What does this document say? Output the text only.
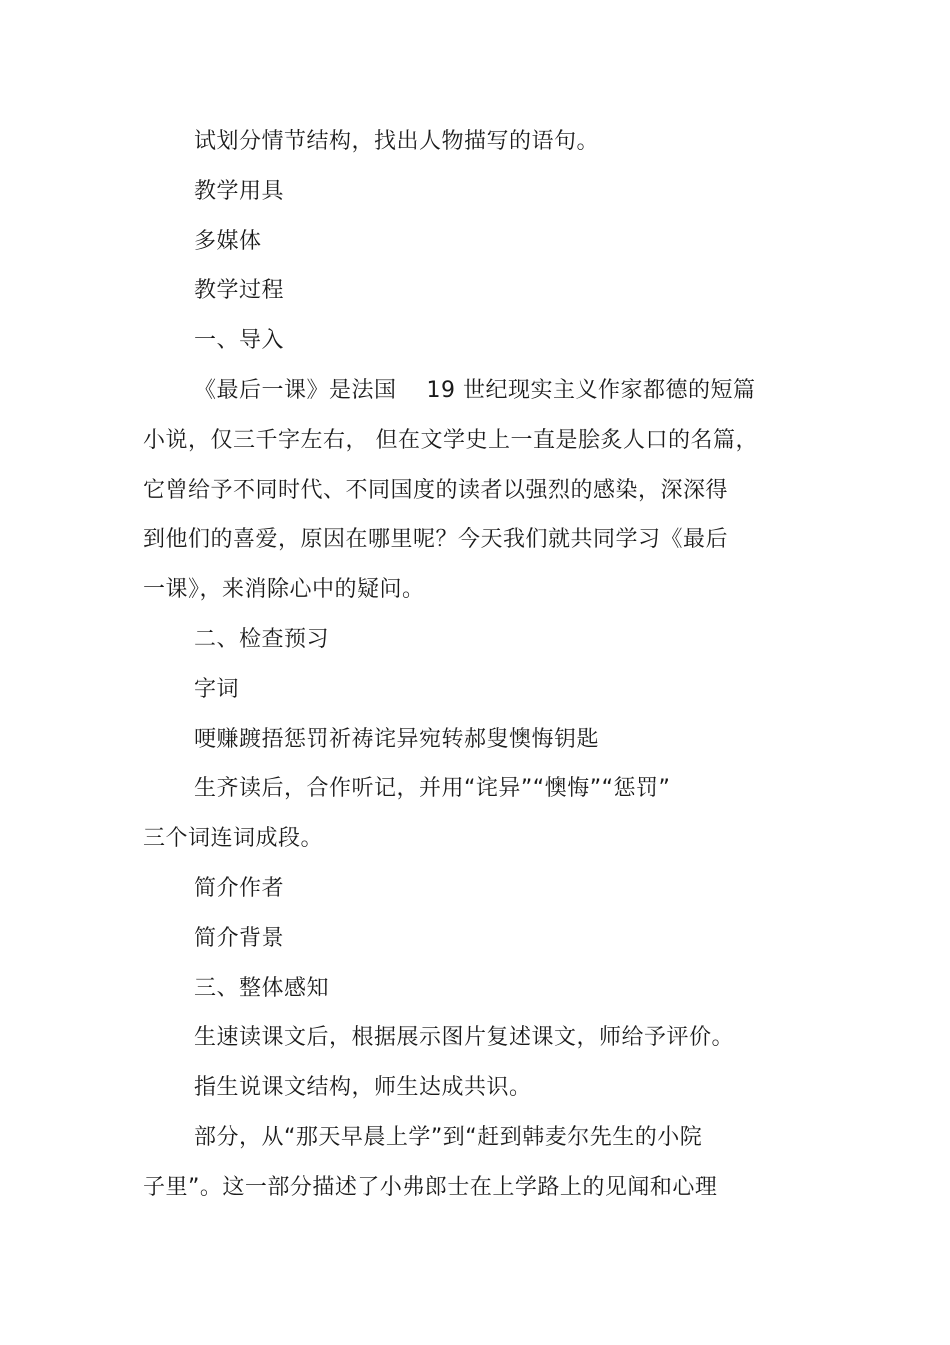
试划分情节结构，找出人物描写的语句。
教学用具
多媒体
教学过程
一、导入
《最后一课》是法国　 19 世纪现实主义作家都德的短篇
小说，仅三千字左右， 但在文学史上一直是脍炙人口的名篇，
它曾给予不同时代、不同国度的读者以强烈的感染，深深得
到他们的喜爱，原因在哪里呢？今天我们就共同学习《最后
一课》，来消除心中的疑问。
二、检查预习
字词
哽赚踱捂惩罚祈祷诧异宛转郝叟懊悔钥匙
生齐读后，合作听记，并用“诧异”“懊悔”“惩罚”
三个词连词成段。
简介作者
简介背景
三、整体感知
生速读课文后，根据展示图片复述课文，师给予评价。
指生说课文结构，师生达成共识。
部分，从“那天早晨上学”到“赶到韩麦尔先生的小院
子里”。这一部分描述了小弗郎士在上学路上的见闻和心理
